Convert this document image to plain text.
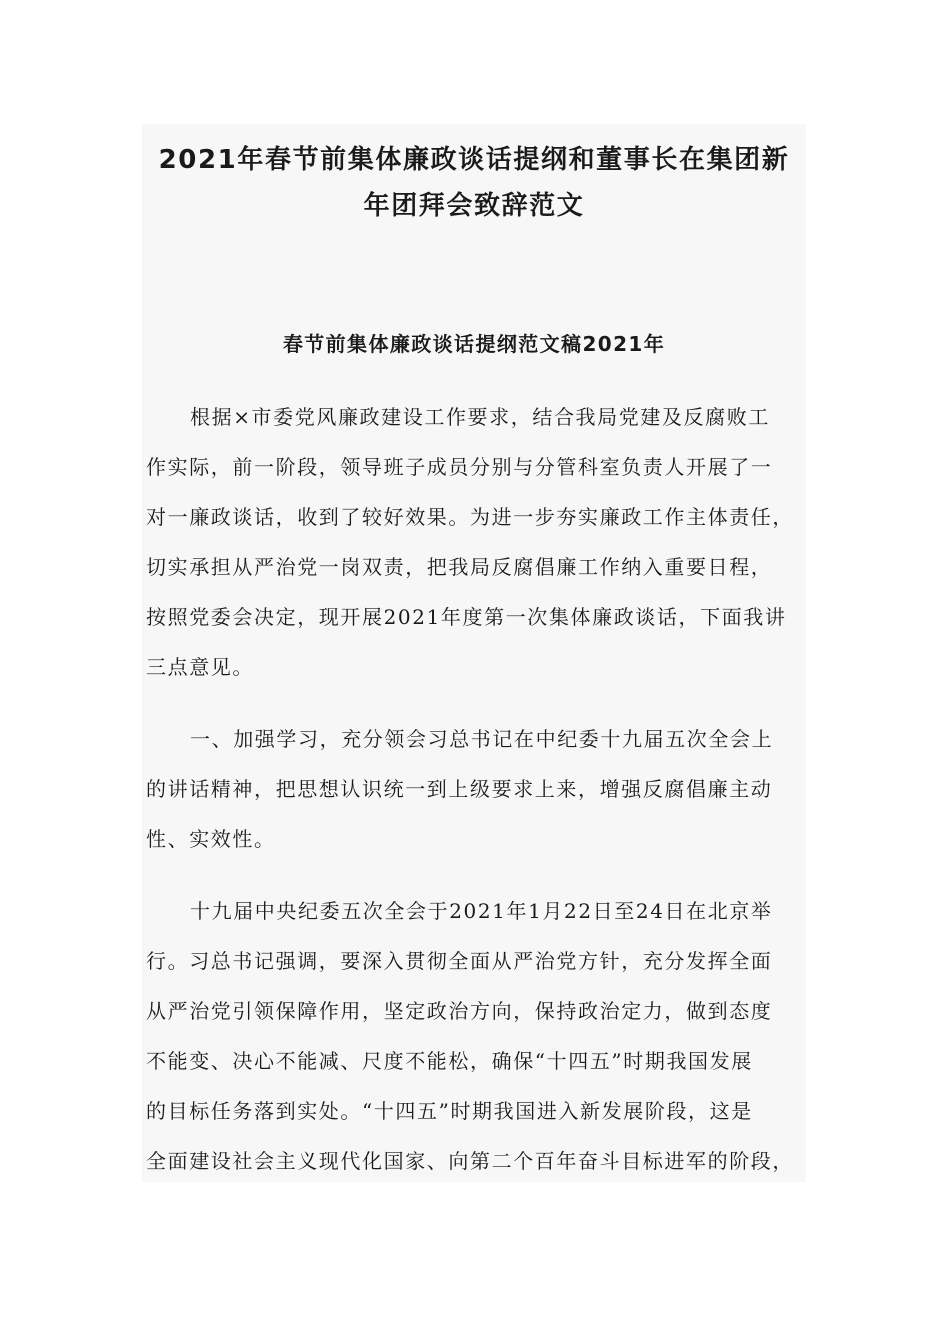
2021年春节前集体廉政谈话提纲和董事长在集团新
年团拜会致辞范文
春节前集体廉政谈话提纲范文稿2021年
根据×市委党风廉政建设工作要求，结合我局党建及反腐败工
作实际，前一阶段，领导班子成员分别与分管科室负责人开展了一
对一廉政谈话，收到了较好效果。为进一步夯实廉政工作主体责任，
切实承担从严治党一岗双责，把我局反腐倡廉工作纳入重要日程，
按照党委会决定，现开展2021年度第一次集体廉政谈话，下面我讲
三点意见。
一、加强学习，充分领会习总书记在中纪委十九届五次全会上
的讲话精神，把思想认识统一到上级要求上来，增强反腐倡廉主动
性、实效性。
十九届中央纪委五次全会于2021年1月22日至24日在北京举
行。习总书记强调，要深入贯彻全面从严治党方针，充分发挥全面
从严治党引领保障作用，坚定政治方向，保持政治定力，做到态度
不能变、决心不能减、尺度不能松，确保“十四五”时期我国发展
的目标任务落到实处。“十四五”时期我国进入新发展阶段，这是
全面建设社会主义现代化国家、向第二个百年奋斗目标进军的阶段，
